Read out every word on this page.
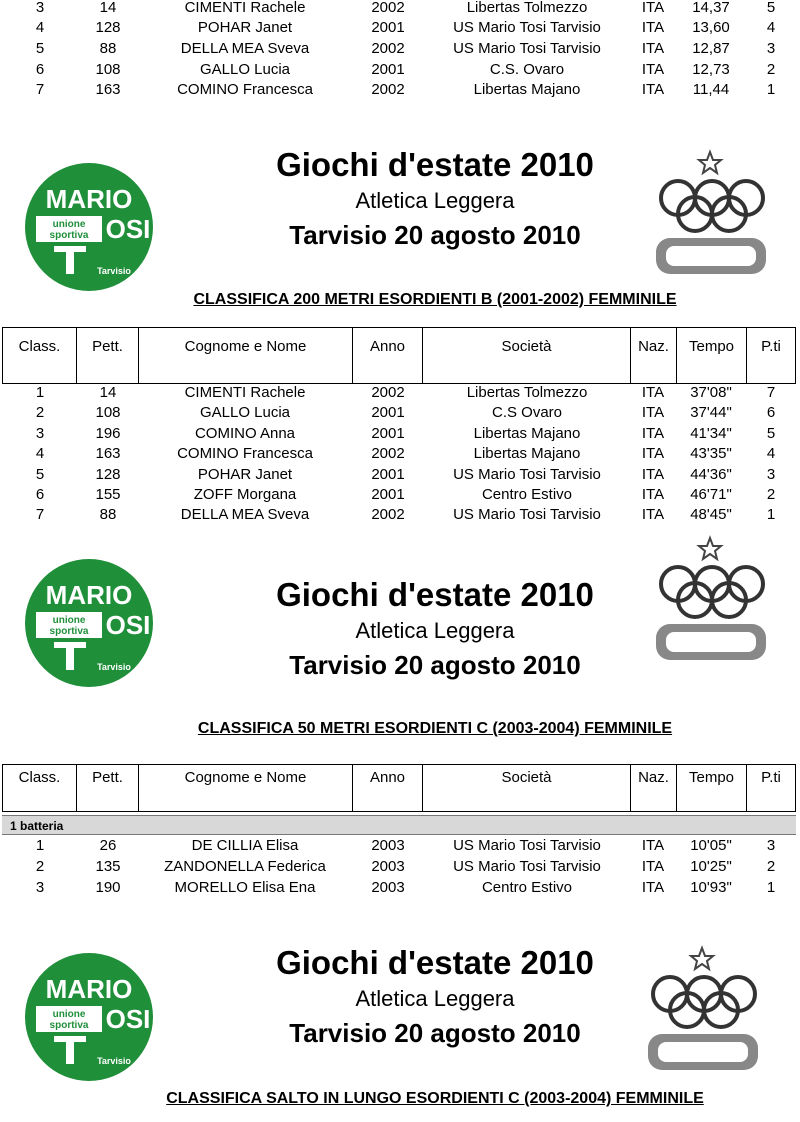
3	14	CIMENTI Rachele	2002	Libertas Tolmezzo	ITA	14,37	5
4	128	POHAR Janet	2001	US Mario Tosi Tarvisio	ITA	13,60	4
5	88	DELLA MEA Sveva	2002	US Mario Tosi Tarvisio	ITA	12,87	3
6	108	GALLO Lucia	2001	C.S. Ovaro	ITA	12,73	2
7	163	COMINO Francesca	2002	Libertas Majano	ITA	11,44	1
MARIO
unione
sportiva OSI
Tarvisio
Giochi d'estate 2010
Atletica Leggera
Tarvisio 20 agosto 2010
CLASSIFICA 200 METRI ESORDIENTI B (2001-2002) FEMMINILE
Class.	Pett.	Cognome e Nome	Anno	Società	Naz.	Tempo	P.ti
1	14	CIMENTI Rachele	2002	Libertas Tolmezzo	ITA	37'08"	7
2	108	GALLO Lucia	2001	C.S Ovaro	ITA	37'44"	6
3	196	COMINO Anna	2001	Libertas Majano	ITA	41'34"	5
4	163	COMINO Francesca	2002	Libertas Majano	ITA	43'35"	4
5	128	POHAR Janet	2001	US Mario Tosi Tarvisio	ITA	44'36"	3
6	155	ZOFF Morgana	2001	Centro Estivo	ITA	46'71"	2
7	88	DELLA MEA Sveva	2002	US Mario Tosi Tarvisio	ITA	48'45"	1
MARIO
unione
sportiva OSI
Tarvisio
Giochi d'estate 2010
Atletica Leggera
Tarvisio 20 agosto 2010
CLASSIFICA 50 METRI ESORDIENTI C (2003-2004) FEMMINILE
Class.	Pett.	Cognome e Nome	Anno	Società	Naz.	Tempo	P.ti
1 batteria
1	26	DE CILLIA Elisa	2003	US Mario Tosi Tarvisio	ITA	10'05"	3
2	135	ZANDONELLA Federica	2003	US Mario Tosi Tarvisio	ITA	10'25"	2
3	190	MORELLO Elisa Ena	2003	Centro Estivo	ITA	10'93"	1
MARIO
unione
sportiva OSI
Tarvisio
Giochi d'estate 2010
Atletica Leggera
Tarvisio 20 agosto 2010
CLASSIFICA SALTO IN LUNGO ESORDIENTI C (2003-2004) FEMMINILE
